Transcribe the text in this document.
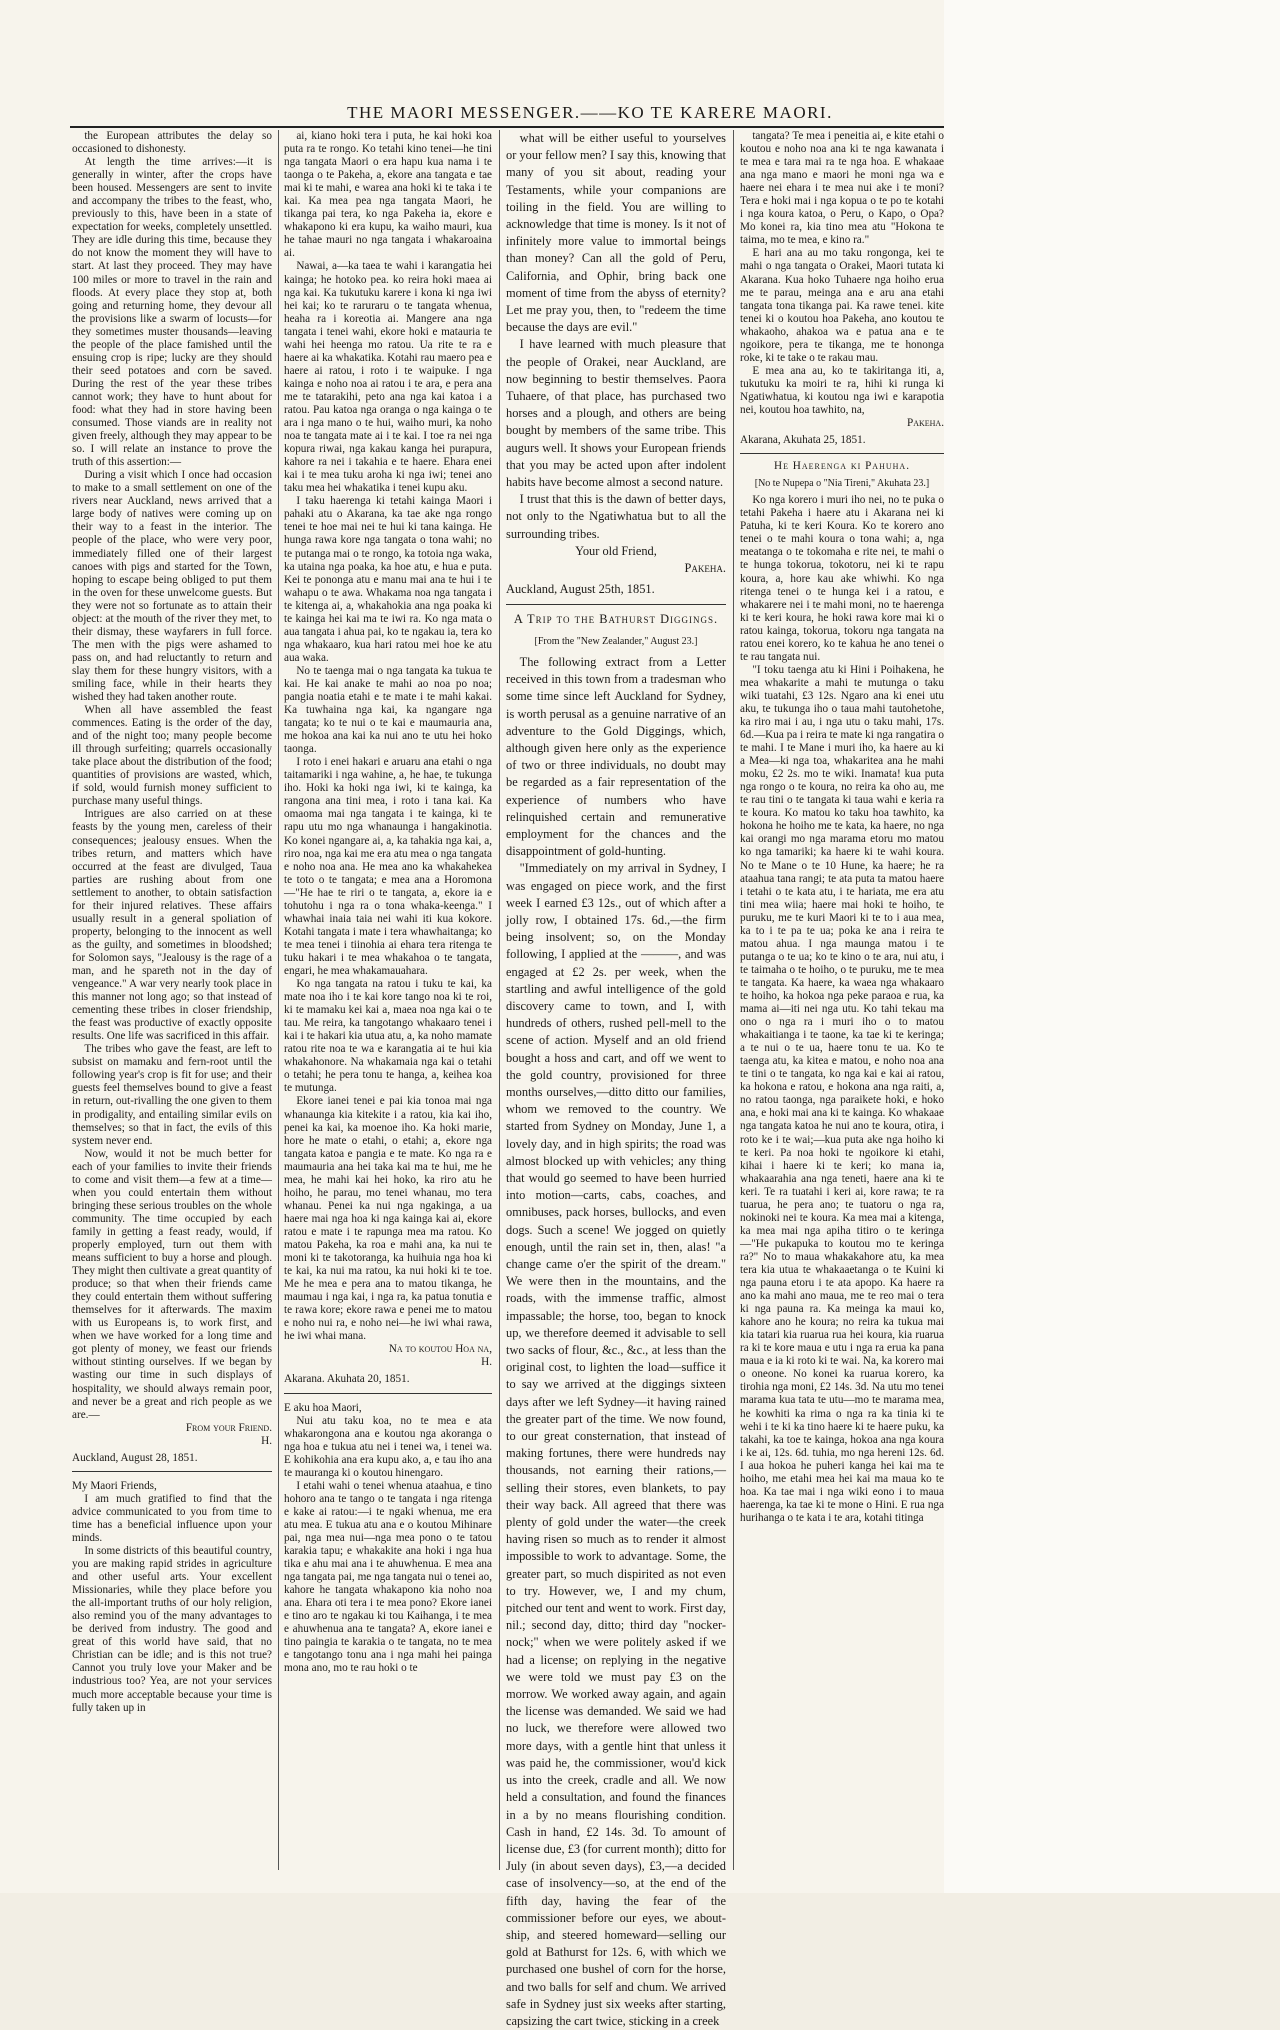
THE MAORI MESSENGER.——KO TE KARERE MAORI.

the European attributes the delay so occasioned to dishonesty.

At length the time arrives:—it is generally in winter, after the crops have been housed. Messengers are sent to invite and accompany the tribes to the feast, who, previously to this, have been in a state of expectation for weeks, completely unsettled. They are idle during this time, because they do not know the moment they will have to start. At last they proceed. They may have 100 miles or more to travel in the rain and floods. At every place they stop at, both going and returning home, they devour all the provisions like a swarm of locusts—for they sometimes muster thousands—leaving the people of the place famished until the ensuing crop is ripe; lucky are they should their seed potatoes and corn be saved. During the rest of the year these tribes cannot work; they have to hunt about for food: what they had in store having been consumed. Those viands are in reality not given freely, although they may appear to be so. I will relate an instance to prove the truth of this assertion:—

During a visit which I once had occasion to make to a small settlement on one of the rivers near Auckland, news arrived that a large body of natives were coming up on their way to a feast in the interior. The people of the place, who were very poor, immediately filled one of their largest canoes with pigs and started for the Town, hoping to escape being obliged to put them in the oven for these unwelcome guests. But they were not so fortunate as to attain their object: at the mouth of the river they met, to their dismay, these wayfarers in full force. The men with the pigs were ashamed to pass on, and had reluctantly to return and slay them for these hungry visitors, with a smiling face, while in their hearts they wished they had taken another route.

When all have assembled the feast commences. Eating is the order of the day, and of the night too; many people become ill through surfeiting; quarrels occasionally take place about the distribution of the food; quantities of provisions are wasted, which, if sold, would furnish money sufficient to purchase many useful things.

Intrigues are also carried on at these feasts by the young men, careless of their consequences; jealousy ensues. When the tribes return, and matters which have occurred at the feast are divulged, Taua parties are rushing about from one settlement to another, to obtain satisfaction for their injured relatives. These affairs usually result in a general spoliation of property, belonging to the innocent as well as the guilty, and sometimes in bloodshed; for Solomon says, "Jealousy is the rage of a man, and he spareth not in the day of vengeance." A war very nearly took place in this manner not long ago; so that instead of cementing these tribes in closer friendship, the feast was productive of exactly opposite results. One life was sacrificed in this affair.

The tribes who gave the feast, are left to subsist on mamaku and fern-root until the following year's crop is fit for use; and their guests feel themselves bound to give a feast in return, out-rivalling the one given to them in prodigality, and entailing similar evils on themselves; so that in fact, the evils of this system never end.

Now, would it not be much better for each of your families to invite their friends to come and visit them—a few at a time—when you could entertain them without bringing these serious troubles on the whole community. The time occupied by each family in getting a feast ready, would, if properly employed, turn out them with means sufficient to buy a horse and plough. They might then cultivate a great quantity of produce; so that when their friends came they could entertain them without suffering themselves for it afterwards. The maxim with us Europeans is, to work first, and when we have worked for a long time and got plenty of money, we feast our friends without stinting ourselves. If we began by wasting our time in such displays of hospitality, we should always remain poor, and never be a great and rich people as we are.—

From your Friend.

H.

Auckland, August 28, 1851.

My Maori Friends,

I am much gratified to find that the advice communicated to you from time to time has a beneficial influence upon your minds.

In some districts of this beautiful country, you are making rapid strides in agriculture and other useful arts. Your excellent Missionaries, while they place before you the all-important truths of our holy religion, also remind you of the many advantages to be derived from industry. The good and great of this world have said, that no Christian can be idle; and is this not true? Cannot you truly love your Maker and be industrious too? Yea, are not your services much more acceptable because your time is fully taken up in

ai, kiano hoki tera i puta, he kai hoki koa puta ra te rongo. Ko tetahi kino tenei—he tini nga tangata Maori o era hapu kua nama i te taonga o te Pakeha, a, ekore ana tangata e tae mai ki te mahi, e warea ana hoki ki te taka i te kai. Ka mea pea nga tangata Maori, he tikanga pai tera, ko nga Pakeha ia, ekore e whakapono ki era kupu, ka waiho mauri, kua he tahae mauri no nga tangata i whakaroaina ai.

Nawai, a—ka taea te wahi i karangatia hei kainga; he hotoko pea. ko reira hoki maea ai nga kai. Ka tukutuku karere i kona ki nga iwi hei kai; ko te raruraru o te tangata whenua, heaha ra i koreotia ai. Mangere ana nga tangata i tenei wahi, ekore hoki e matauria te wahi hei heenga mo ratou. Ua rite te ra e haere ai ka whakatika. Kotahi rau maero pea e haere ai ratou, i roto i te waipuke. I nga kainga e noho noa ai ratou i te ara, e pera ana me te tatarakihi, peto ana nga kai katoa i a ratou. Pau katoa nga oranga o nga kainga o te ara i nga mano o te hui, waiho muri, ka noho noa te tangata mate ai i te kai. I toe ra nei nga kopura riwai, nga kakau kanga hei purapura, kahore ra nei i takahia e te haere. Ehara enei kai i te mea tuku aroha ki nga iwi; tenei ano taku mea hei whakatika i tenei kupu aku.

I taku haerenga ki tetahi kainga Maori i pahaki atu o Akarana, ka tae ake nga rongo tenei te hoe mai nei te hui ki tana kainga. He hunga rawa kore nga tangata o tona wahi; no te putanga mai o te rongo, ka totoia nga waka, ka utaina nga poaka, ka hoe atu, e hua e puta. Kei te pononga atu e manu mai ana te hui i te wahapu o te awa. Whakama noa nga tangata i te kitenga ai, a, whakahokia ana nga poaka ki te kainga hei kai ma te iwi ra. Ko nga mata o aua tangata i ahua pai, ko te ngakau ia, tera ko nga whakaaro, kua hari ratou mei hoe ke atu aua waka.

No te taenga mai o nga tangata ka tukua te kai. He kai anake te mahi ao noa po noa; pangia noatia etahi e te mate i te mahi kakai. Ka tuwhaina nga kai, ka ngangare nga tangata; ko te nui o te kai e maumauria ana, me hokoa ana kai ka nui ano te utu hei hoko taonga.

I roto i enei hakari e aruaru ana etahi o nga taitamariki i nga wahine, a, he hae, te tukunga iho. Hoki ka hoki nga iwi, ki te kainga, ka rangona ana tini mea, i roto i tana kai. Ka omaoma mai nga tangata i te kainga, ki te rapu utu mo nga whanaunga i hangakinotia. Ko konei ngangare ai, a, ka tahakia nga kai, a, riro noa, nga kai me era atu mea o nga tangata e noho noa ana. He mea ano ka whakahekea te toto o te tangata; e mea ana a Horomona—"He hae te riri o te tangata, a, ekore ia e tohutohu i nga ra o tona whaka-keenga." I whawhai inaia taia nei wahi iti kua kokore. Kotahi tangata i mate i tera whawhaitanga; ko te mea tenei i tiinohia ai ehara tera ritenga te tuku hakari i te mea whakahoa o te tangata, engari, he mea whakamauahara.

Ko nga tangata na ratou i tuku te kai, ka mate noa iho i te kai kore tango noa ki te roi, ki te mamaku kei kai a, maea noa nga kai o te tau. Me reira, ka tangotango whakaaro tenei i kai i te hakari kia utua atu, a, ka noho mamate ratou rite noa te wa e karangatia ai te hui kia whakahonore. Na whakamaia nga kai o tetahi o tetahi; he pera tonu te hanga, a, keihea koa te mutunga.

Ekore ianei tenei e pai kia tonoa mai nga whanaunga kia kitekite i a ratou, kia kai iho, penei ka kai, ka moenoe iho. Ka hoki marie, hore he mate o etahi, o etahi; a, ekore nga tangata katoa e pangia e te mate. Ko nga ra e maumauria ana hei taka kai ma te hui, me he mea, he mahi kai hei hoko, ka riro atu he hoiho, he parau, mo tenei whanau, mo tera whanau. Penei ka nui nga ngakinga, a ua haere mai nga hoa ki nga kainga kai ai, ekore ratou e mate i te rapunga mea ma ratou. Ko matou Pakeha, ka roa e mahi ana, ka nui te moni ki te takotoranga, ka huihuia nga hoa ki te kai, ka nui ma ratou, ka nui hoki ki te toe. Me he mea e pera ana to matou tikanga, he maumau i nga kai, i nga ra, ka patua tonutia e te rawa kore; ekore rawa e penei me to matou e noho nui ra, e noho nei—he iwi whai rawa, he iwi whai mana.

Na to koutou Hoa na,

H.

Akarana. Akuhata 20, 1851.

E aku hoa Maori,

Nui atu taku koa, no te mea e ata whakarongona ana e koutou nga akoranga o nga hoa e tukua atu nei i tenei wa, i tenei wa. E kohikohia ana era kupu ako, a, e tau iho ana te mauranga ki o koutou hinengaro.

I etahi wahi o tenei whenua ataahua, e tino hohoro ana te tango o te tangata i nga ritenga e kake ai ratou:—i te ngaki whenua, me era atu mea. E tukua atu ana e o koutou Mihinare pai, nga mea nui—nga mea pono o te tatou karakia tapu; e whakakite ana hoki i nga hua tika e ahu mai ana i te ahuwhenua. E mea ana nga tangata pai, me nga tangata nui o tenei ao, kahore he tangata whakapono kia noho noa ana. Ehara oti tera i te mea pono? Ekore ianei e tino aro te ngakau ki tou Kaihanga, i te mea e ahuwhenua ana te tangata? A, ekore ianei e tino paingia te karakia o te tangata, no te mea e tangotango tonu ana i nga mahi hei painga mona ano, mo te rau hoki o te

what will be either useful to yourselves or your fellow men? I say this, knowing that many of you sit about, reading your Testaments, while your companions are toiling in the field. You are willing to acknowledge that time is money. Is it not of infinitely more value to immortal beings than money? Can all the gold of Peru, California, and Ophir, bring back one moment of time from the abyss of eternity? Let me pray you, then, to "redeem the time because the days are evil."

I have learned with much pleasure that the people of Orakei, near Auckland, are now beginning to bestir themselves. Paora Tuhaere, of that place, has purchased two horses and a plough, and others are being bought by members of the same tribe. This augurs well. It shows your European friends that you may be acted upon after indolent habits have become almost a second nature.

I trust that this is the dawn of better days, not only to the Ngatiwhatua but to all the surrounding tribes.

Your old Friend,

Pakeha.

Auckland, August 25th, 1851.

A Trip to the Bathurst Diggings.

[From the "New Zealander," August 23.]

The following extract from a Letter received in this town from a tradesman who some time since left Auckland for Sydney, is worth perusal as a genuine narrative of an adventure to the Gold Diggings, which, although given here only as the experience of two or three individuals, no doubt may be regarded as a fair representation of the experience of numbers who have relinquished certain and remunerative employment for the chances and the disappointment of gold-hunting.

"Immediately on my arrival in Sydney, I was engaged on piece work, and the first week I earned £3 12s., out of which after a jolly row, I obtained 17s. 6d.,—the firm being insolvent; so, on the Monday following, I applied at the ———, and was engaged at £2 2s. per week, when the startling and awful intelligence of the gold discovery came to town, and I, with hundreds of others, rushed pell-mell to the scene of action. Myself and an old friend bought a hoss and cart, and off we went to the gold country, provisioned for three months ourselves,—ditto ditto our families, whom we removed to the country. We started from Sydney on Monday, June 1, a lovely day, and in high spirits; the road was almost blocked up with vehicles; any thing that would go seemed to have been hurried into motion—carts, cabs, coaches, and omnibuses, pack horses, bullocks, and even dogs. Such a scene! We jogged on quietly enough, until the rain set in, then, alas! "a change came o'er the spirit of the dream." We were then in the mountains, and the roads, with the immense traffic, almost impassable; the horse, too, began to knock up, we therefore deemed it advisable to sell two sacks of flour, &c., &c., at less than the original cost, to lighten the load—suffice it to say we arrived at the diggings sixteen days after we left Sydney—it having rained the greater part of the time. We now found, to our great consternation, that instead of making fortunes, there were hundreds nay thousands, not earning their rations,—selling their stores, even blankets, to pay their way back. All agreed that there was plenty of gold under the water—the creek having risen so much as to render it almost impossible to work to advantage. Some, the greater part, so much dispirited as not even to try. However, we, I and my chum, pitched our tent and went to work. First day, nil.; second day, ditto; third day "nocker-nock;" when we were politely asked if we had a license; on replying in the negative we were told we must pay £3 on the morrow. We worked away again, and again the license was demanded. We said we had no luck, we therefore were allowed two more days, with a gentle hint that unless it was paid he, the commissioner, wou'd kick us into the creek, cradle and all. We now held a consultation, and found the finances in a by no means flourishing condition. Cash in hand, £2 14s. 3d. To amount of license due, £3 (for current month); ditto for July (in about seven days), £3,—a decided case of insolvency—so, at the end of the fifth day, having the fear of the commissioner before our eyes, we about-ship, and steered homeward—selling our gold at Bathurst for 12s. 6, with which we purchased one bushel of corn for the horse, and two balls for self and chum. We arrived safe in Sydney just six weeks after starting, capsizing the cart twice, sticking in a creek

tangata? Te mea i peneitia ai, e kite etahi o koutou e noho noa ana ki te nga kawanata i te mea e tara mai ra te nga hoa. E whakaae ana nga mano e maori he moni nga wa e haere nei ehara i te mea nui ake i te moni? Tera e hoki mai i nga kopua o te po te kotahi i nga koura katoa, o Peru, o Kapo, o Opa? Mo konei ra, kia tino mea atu "Hokona te taima, mo te mea, e kino ra."

E hari ana au mo taku rongonga, kei te mahi o nga tangata o Orakei, Maori tutata ki Akarana. Kua hoko Tuhaere nga hoiho erua me te parau, meinga ana e aru ana etahi tangata tona tikanga pai. Ka rawe tenei. kite tenei ki o koutou hoa Pakeha, ano koutou te whakaoho, ahakoa wa e patua ana e te ngoikore, pera te tikanga, me te hononga roke, ki te take o te rakau mau.

E mea ana au, ko te takiritanga iti, a, tukutuku ka moiri te ra, hihi ki runga ki Ngatiwhatua, ki koutou nga iwi e karapotia nei, koutou hoa tawhito, na,

Pakeha.

Akarana, Akuhata 25, 1851.

He Haerenga ki Pahuha.

[No te Nupepa o "Nia Tireni," Akuhata 23.]

Ko nga korero i muri iho nei, no te puka o tetahi Pakeha i haere atu i Akarana nei ki Patuha, ki te keri Koura. Ko te korero ano tenei o te mahi koura o tona wahi; a, nga meatanga o te tokomaha e rite nei, te mahi o te hunga tokorua, tokotoru, nei ki te rapu koura, a, hore kau ake whiwhi. Ko nga ritenga tenei o te hunga kei i a ratou, e whakarere nei i te mahi moni, no te haerenga ki te keri koura, he hoki rawa kore mai ki o ratou kainga, tokorua, tokoru nga tangata na ratou enei korero, ko te kahua he ano tenei o te rau tangata nui.

"I toku taenga atu ki Hini i Poihakena, he mea whakarite a mahi te mutunga o taku wiki tuatahi, £3 12s. Ngaro ana ki enei utu aku, te tukunga iho o taua mahi tautohetohe, ka riro mai i au, i nga utu o taku mahi, 17s. 6d.—Kua pa i reira te mate ki nga rangatira o te mahi. I te Mane i muri iho, ka haere au ki a Mea—ki nga toa, whakaritea ana he mahi moku, £2 2s. mo te wiki. Inamata! kua puta nga rongo o te koura, no reira ka oho au, me te rau tini o te tangata ki taua wahi e keria ra te koura. Ko matou ko taku hoa tawhito, ka hokona he hoiho me te kata, ka haere, no nga kai orangi mo nga marama etoru mo matou ko nga tamariki; ka haere ki te wahi koura. No te Mane o te 10 Hune, ka haere; he ra ataahua tana rangi; te ata puta ta matou haere i tetahi o te kata atu, i te hariata, me era atu tini mea wiia; haere mai hoki te hoiho, te puruku, me te kuri Maori ki te to i aua mea, ka to i te pa te ua; poka ke ana i reira te matou ahua. I nga maunga matou i te putanga o te ua; ko te kino o te ara, nui atu, i te taimaha o te hoiho, o te puruku, me te mea te tangata. Ka haere, ka waea nga whakaaro te hoiho, ka hokoa nga peke paraoa e rua, ka mama ai—iti nei nga utu. Ko tahi tekau ma ono o nga ra i muri iho o to matou whakaitianga i te taone, ka tae ki te keringa; a te nui o te ua, haere tonu te ua. Ko te taenga atu, ka kitea e matou, e noho noa ana te tini o te tangata, ko nga kai e kai ai ratou, ka hokona e ratou, e hokona ana nga raiti, a, no ratou taonga, nga paraikete hoki, e hoko ana, e hoki mai ana ki te kainga. Ko whakaae nga tangata katoa he nui ano te koura, otira, i roto ke i te wai;—kua puta ake nga hoiho ki te keri. Pa noa hoki te ngoikore ki etahi, kihai i haere ki te keri; ko mana ia, whakaarahia ana nga teneti, haere ana ki te keri. Te ra tuatahi i keri ai, kore rawa; te ra tuarua, he pera ano; te tuatoru o nga ra, nokinoki nei te koura. Ka mea mai a kitenga, ka mea mai nga apiha titiro o te keringa—"He pukapuka to koutou mo te keringa ra?" No to maua whakakahore atu, ka mea tera kia utua te whakaaetanga o te Kuini ki nga pauna etoru i te ata apopo. Ka haere ra ano ka mahi ano maua, me te reo mai o tera ki nga pauna ra. Ka meinga ka maui ko, kahore ano he koura; no reira ka tukua mai kia tatari kia ruarua rua hei koura, kia ruarua ra ki te kore maua e utu i nga ra erua ka pana maua e ia ki roto ki te wai. Na, ka korero mai o oneone. No konei ka ruarua korero, ka tirohia nga moni, £2 14s. 3d. Na utu mo tenei marama kua tata te utu—mo te marama mea, he kowhiti ka rima o nga ra ka tinia ki te wehi i te ki ka tino haere ki te haere puku, ka takahi, ka toe te kainga, hokoa ana nga koura i ke ai, 12s. 6d. tuhia, mo nga hereni 12s. 6d. I aua hokoa he puheri kanga hei kai ma te hoiho, me etahi mea hei kai ma maua ko te hoa. Ka tae mai i nga wiki eono i to maua haerenga, ka tae ki te mone o Hini. E rua nga hurihanga o te kata i te ara, kotahi titinga
